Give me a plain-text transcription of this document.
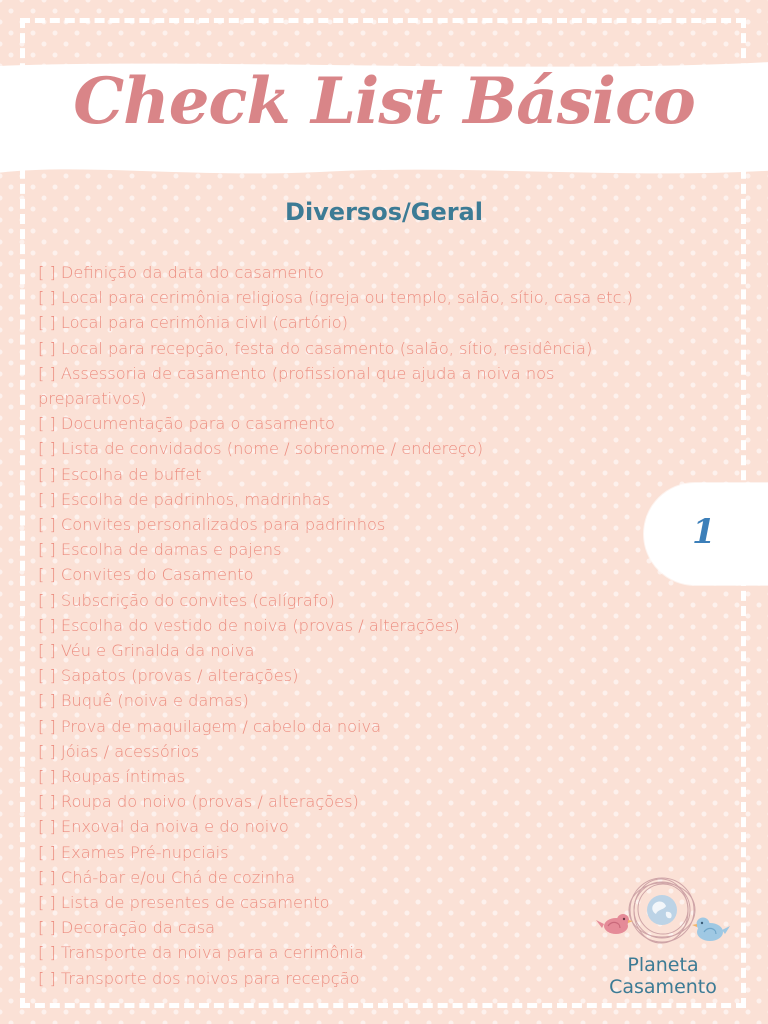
Check List Básico
Diversos/Geral
[ ] Definição da data do casamento
[ ] Local para cerimônia religiosa (igreja ou templo, salão, sítio, casa etc.)
[ ] Local para cerimônia civil (cartório)
[ ] Local para recepção, festa do casamento (salão, sítio, residência)
[ ] Assessoria de casamento (profissional que ajuda a noiva nos
preparativos)
[ ] Documentação para o casamento
[ ] Lista de convidados (nome / sobrenome / endereço)
[ ] Escolha de buffet
[ ] Escolha de padrinhos, madrinhas
[ ] Convites personalizados para padrinhos
[ ] Escolha de damas e pajens
[ ] Convites do Casamento
[ ] Subscrição do convites (calígrafo)
[ ] Escolha do vestido de noiva (provas / alterações)
[ ] Véu e Grinalda da noiva
[ ] Sapatos (provas / alterações)
[ ] Buquê (noiva e damas)
[ ] Prova de maquilagem / cabelo da noiva
[ ] Jóias / acessórios
[ ] Roupas íntimas
[ ] Roupa do noivo (provas / alterações)
[ ] Enxoval da noiva e do noivo
[ ] Exames Pré-nupciais
[ ] Chá-bar e/ou Chá de cozinha
[ ] Lista de presentes de casamento
[ ] Decoração da casa
[ ] Transporte da noiva para a cerimônia
[ ] Transporte dos noivos para recepção
1
Planeta
Casamento
